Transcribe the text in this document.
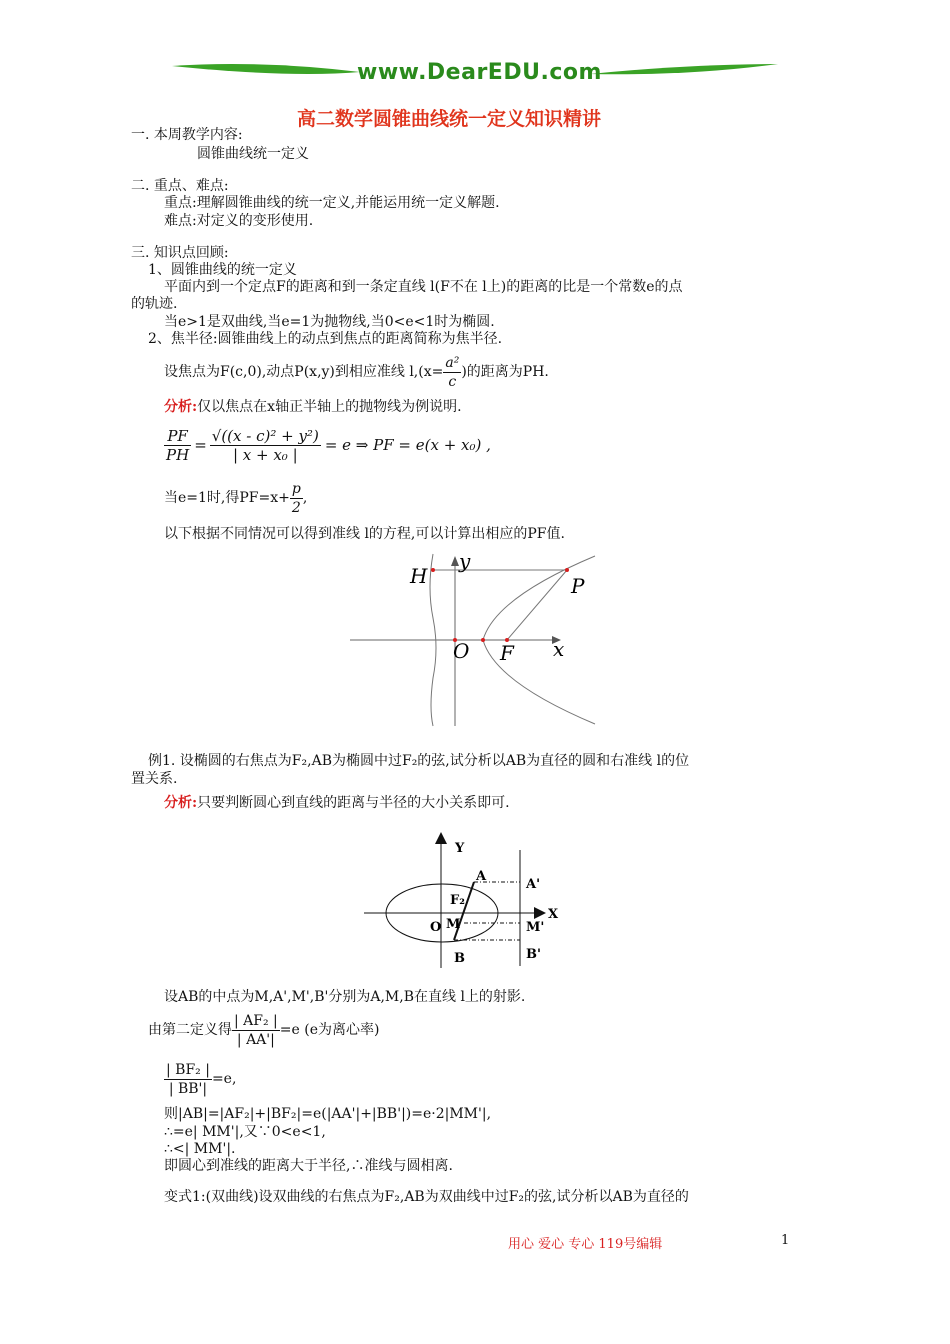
www.DearEDU.com
高二数学圆锥曲线统一定义知识精讲
一. 本周教学内容:
圆锥曲线统一定义
二. 重点、难点:
重点:理解圆锥曲线的统一定义,并能运用统一定义解题.
难点:对定义的变形使用.
三. 知识点回顾:
1、圆锥曲线的统一定义
平面内到一个定点F的距离和到一条定直线 l(F不在 l上)的距离的比是一个常数e的点
的轨迹.
当e>1是双曲线,当e=1为抛物线,当0<e<1时为椭圆.
2、焦半径:圆锥曲线上的动点到焦点的距离简称为焦半径.
设焦点为F(c,0),动点P(x,y)到相应准线 $l,(x= \frac{\text{a²}}{c}$ )的距离为PH.
分析:仅以焦点在x轴正半轴上的抛物线为例说明.
$\frac{PF}{PH} = \frac{\text{√((x - c)² + y²)}}{\text{| x + x₀ |}} = e$ ⇒ PF = e(x + x₀) ,
当e=1时,得$PF=x+ \frac{p}{2}$ ,
以下根据不同情况可以得到准线 l的方程,可以计算出相应的PF值.
H
y
P
O F x
例1. 设椭圆的右焦点为F₂,AB为椭圆中过F₂的弦,试分析以AB为直径的圆和右准线 l的位
置关系.
分析:只要判断圆心到直线的距离与半径的大小关系即可.
Y
X
A
A'
F₂
O M	M'
B	B'
设AB的中点为M,A',M',B'分别为A,M,B在直线 l上的射影.
由第二定义得 $\frac{\text{| AF₂ |}}{| AA'|} =e$ (e为离心率)
$\frac{\text{| BF₂ |}}{| BB'|} =e$,
则|AB|=|AF₂|+|BF₂|=e(|AA'|+|BB'|)=e·2|MM'|,
∴=e| MM'|,又∵0<e<1,
∴<| MM'|.
即圆心到准线的距离大于半径,∴准线与圆相离.
变式1:(双曲线)设双曲线的右焦点为F₂,AB为双曲线中过F₂的弦,试分析以AB为直径的
用心 爱心 专心 119号编辑	1
